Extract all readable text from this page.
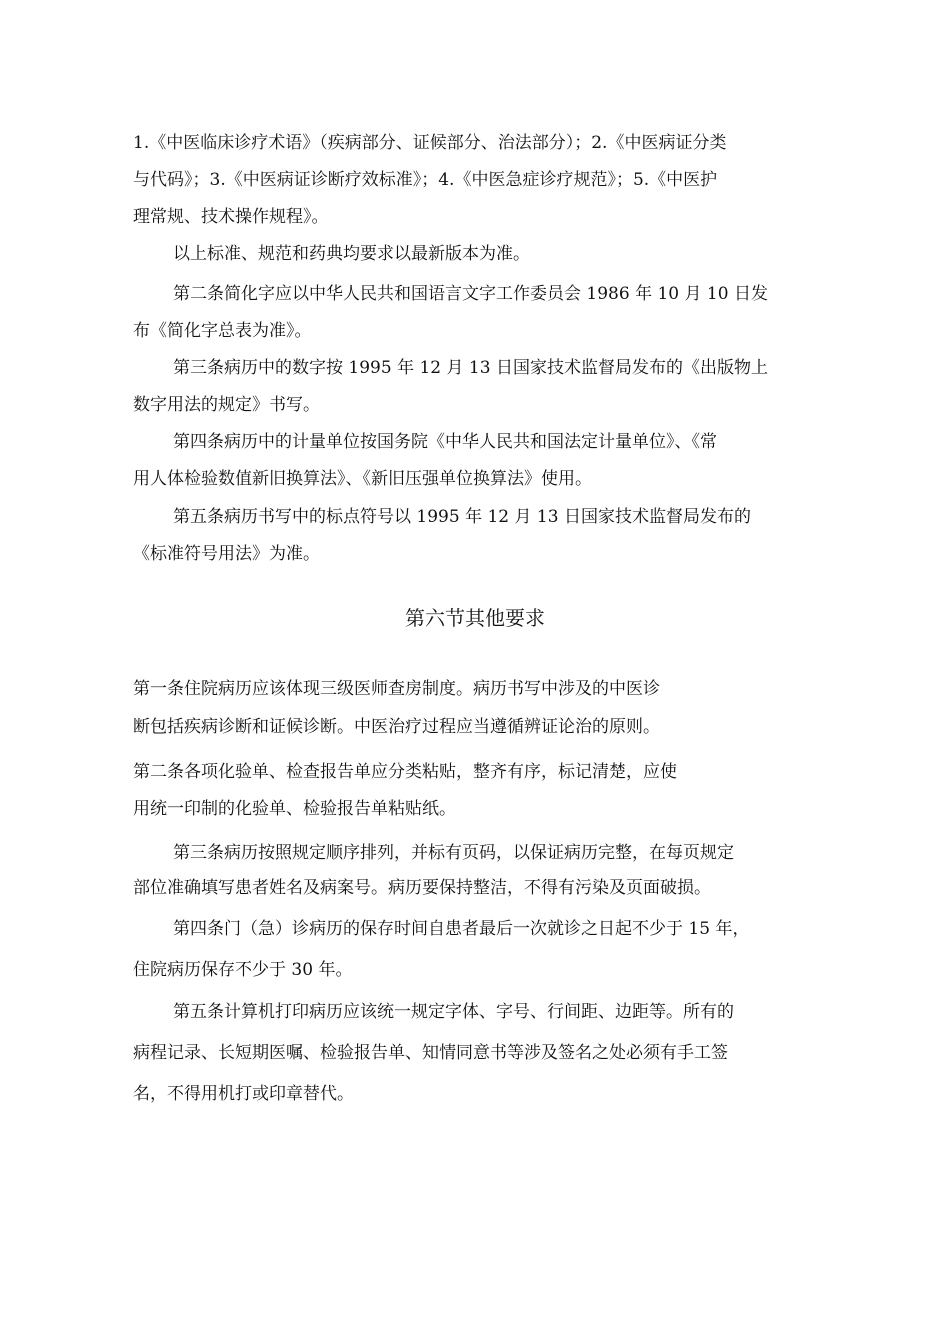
1.《中医临床诊疗术语》（疾病部分、证候部分、治法部分）；2.《中医病证分类
与代码》；3.《中医病证诊断疗效标准》；4.《中医急症诊疗规范》；5.《中医护
理常规、技术操作规程》。
以上标准、规范和药典均要求以最新版本为准。
第二条简化字应以中华人民共和国语言文字工作委员会 1986 年 10 月 10 日发
布《简化字总表为准》。
第三条病历中的数字按 1995 年 12 月 13 日国家技术监督局发布的《出版物上
数字用法的规定》书写。
第四条病历中的计量单位按国务院《中华人民共和国法定计量单位》、《常
用人体检验数值新旧换算法》、《新旧压强单位换算法》使用。
第五条病历书写中的标点符号以 1995 年 12 月 13 日国家技术监督局发布的
《标准符号用法》为准。
第六节其他要求
第一条住院病历应该体现三级医师查房制度。病历书写中涉及的中医诊
断包括疾病诊断和证候诊断。中医治疗过程应当遵循辨证论治的原则。
第二条各项化验单、检查报告单应分类粘贴，整齐有序，标记清楚，应使
用统一印制的化验单、检验报告单粘贴纸。
第三条病历按照规定顺序排列，并标有页码，以保证病历完整，在每页规定
部位准确填写患者姓名及病案号。病历要保持整洁，不得有污染及页面破损。
第四条门（急）诊病历的保存时间自患者最后一次就诊之日起不少于 15 年，
住院病历保存不少于 30 年。
第五条计算机打印病历应该统一规定字体、字号、行间距、边距等。所有的
病程记录、长短期医嘱、检验报告单、知情同意书等涉及签名之处必须有手工签
名，不得用机打或印章替代。
